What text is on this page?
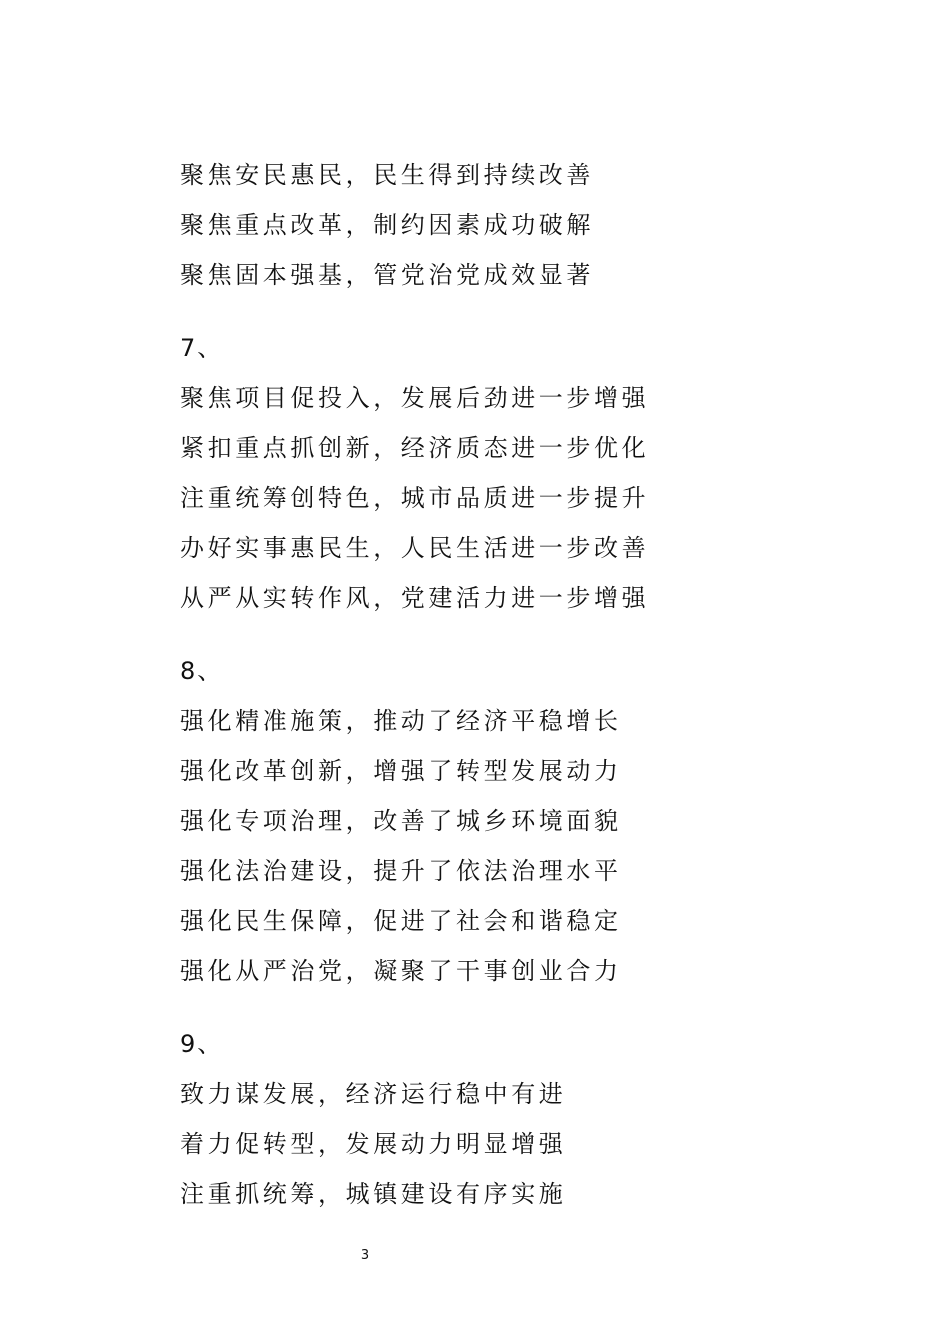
聚焦安民惠民，民生得到持续改善
聚焦重点改革，制约因素成功破解
聚焦固本强基，管党治党成效显著
7、
聚焦项目促投入，发展后劲进一步增强
紧扣重点抓创新，经济质态进一步优化
注重统筹创特色，城市品质进一步提升
办好实事惠民生，人民生活进一步改善
从严从实转作风，党建活力进一步增强
8、
强化精准施策，推动了经济平稳增长
强化改革创新，增强了转型发展动力
强化专项治理，改善了城乡环境面貌
强化法治建设，提升了依法治理水平
强化民生保障，促进了社会和谐稳定
强化从严治党，凝聚了干事创业合力
9、
致力谋发展，经济运行稳中有进
着力促转型，发展动力明显增强
注重抓统筹，城镇建设有序实施
3
